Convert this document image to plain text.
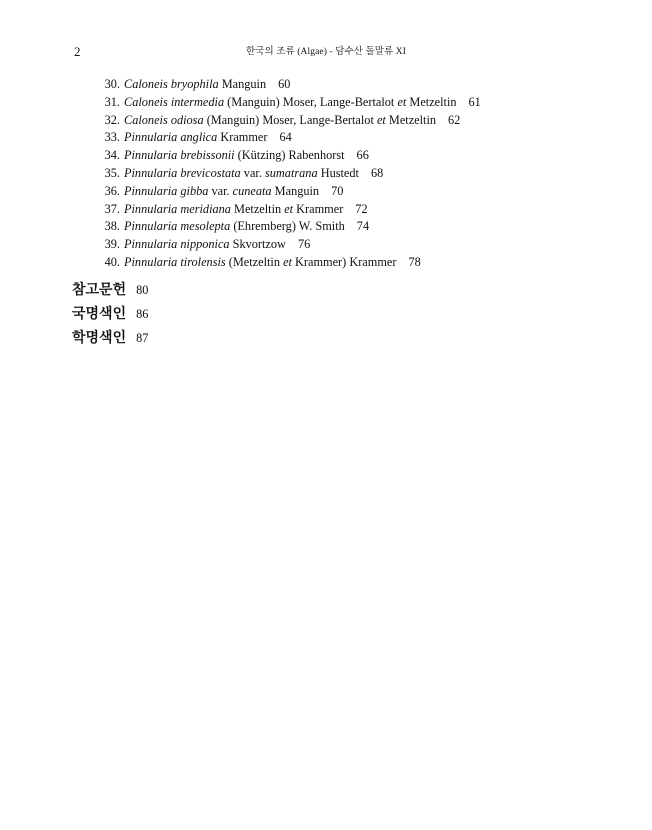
2	한국의 조류 (Algae) - 담수산 돌말류 XI
30. Caloneis bryophila Manguin 60
31. Caloneis intermedia (Manguin) Moser, Lange-Bertalot et Metzeltin 61
32. Caloneis odiosa (Manguin) Moser, Lange-Bertalot et Metzeltin 62
33. Pinnularia anglica Krammer 64
34. Pinnularia brebissonii (Kützing) Rabenhorst 66
35. Pinnularia brevicostata var. sumatrana Hustedt 68
36. Pinnularia gibba var. cuneata Manguin 70
37. Pinnularia meridiana Metzeltin et Krammer 72
38. Pinnularia mesolepta (Ehremberg) W. Smith 74
39. Pinnularia nipponica Skvortzow 76
40. Pinnularia tirolensis (Metzeltin et Krammer) Krammer 78
참고문헌 80
국명색인 86
학명색인 87
